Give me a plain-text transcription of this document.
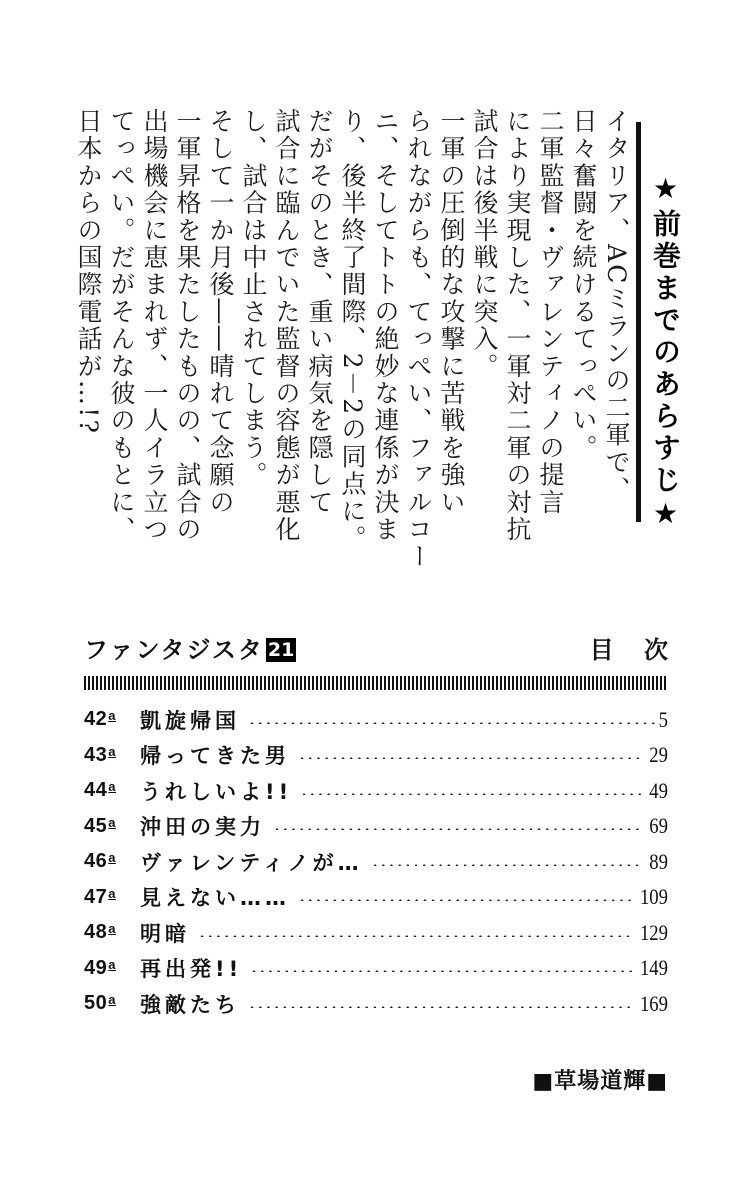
★前巻までのあらすじ★
イタリア、ACミランの二軍で、
日々奮闘を続けるてっぺい。
二軍監督・ヴァレンティノの提言
により実現した、一軍対二軍の対抗
試合は後半戦に突入。
一軍の圧倒的な攻撃に苦戦を強い
られながらも、てっぺい、ファルコー
ニ、そしてトトの絶妙な連係が決ま
り、後半終了間際、2－2の同点に。
だがそのとき、重い病気を隠して
試合に臨んでいた監督の容態が悪化
し、試合は中止されてしまう。
そして一か月後――晴れて念願の
一軍昇格を果たしたものの、試合の
出場機会に恵まれず、一人イラ立つ
てっぺい。だがそんな彼のもとに、
日本からの国際電話が…!?
ファンタジスタ 21	目 次
42$^a$	凱旋帰国	5
43$^a$	帰ってきた男	29
44$^a$	うれしいよ!!	49
45$^a$	沖田の実力	69
46$^a$	ヴァレンティノが…	89
47$^a$	見えない……	109
48$^a$	明暗	129
49$^a$	再出発!!	149
50$^a$	強敵たち	169
■草場道輝■
